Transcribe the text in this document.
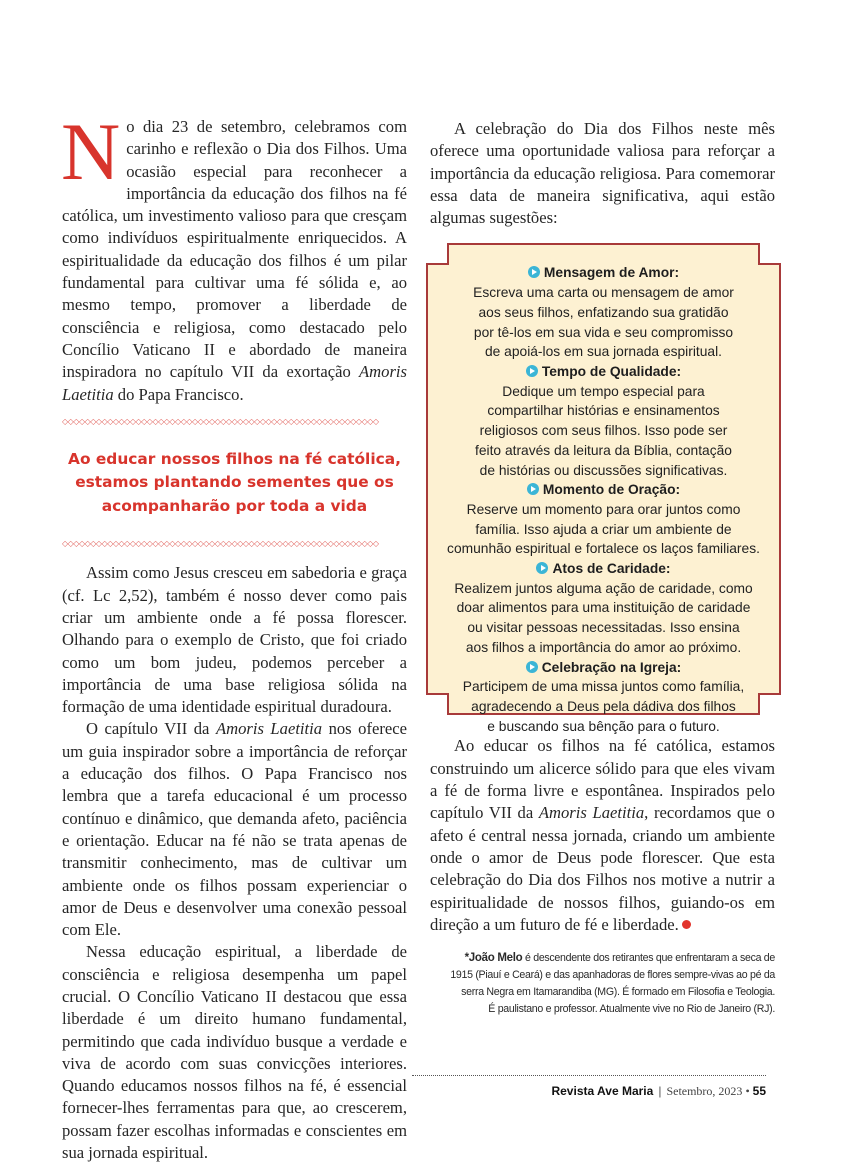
No dia 23 de setembro, celebramos com carinho e reflexão o Dia dos Filhos. Uma ocasião especial para reconhecer a importância da educação dos filhos na fé católica, um investimento valioso para que cresçam como indivíduos espiritualmente enriquecidos. A espiritualidade da educação dos filhos é um pilar fundamental para cultivar uma fé sólida e, ao mesmo tempo, promover a liberdade de consciência e religiosa, como destacado pelo Concílio Vaticano II e abordado de maneira inspiradora no capítulo VII da exortação Amoris Laetitia do Papa Francisco.

◇◇◇◇◇◇◇◇◇◇◇◇◇◇◇◇◇◇◇◇◇◇◇◇◇◇◇◇◇◇◇◇◇◇◇◇◇◇◇◇◇◇◇◇◇◇◇◇◇◇◇◇◇◇◇◇
Ao educar nossos filhos na fé católica, estamos plantando sementes que os acompanharão por toda a vida
◇◇◇◇◇◇◇◇◇◇◇◇◇◇◇◇◇◇◇◇◇◇◇◇◇◇◇◇◇◇◇◇◇◇◇◇◇◇◇◇◇◇◇◇◇◇◇◇◇◇◇◇◇◇◇◇

Assim como Jesus cresceu em sabedoria e graça (cf. Lc 2,52), também é nosso dever como pais criar um ambiente onde a fé possa florescer. Olhando para o exemplo de Cristo, que foi criado como um bom judeu, podemos perceber a importância de uma base religiosa sólida na formação de uma identidade espiritual duradoura.

O capítulo VII da Amoris Laetitia nos oferece um guia inspirador sobre a importância de reforçar a educação dos filhos. O Papa Francisco nos lembra que a tarefa educacional é um processo contínuo e dinâmico, que demanda afeto, paciência e orientação. Educar na fé não se trata apenas de transmitir conhecimento, mas de cultivar um ambiente onde os filhos possam experienciar o amor de Deus e desenvolver uma conexão pessoal com Ele.

Nessa educação espiritual, a liberdade de consciência e religiosa desempenha um papel crucial. O Concílio Vaticano II destacou que essa liberdade é um direito humano fundamental, permitindo que cada indivíduo busque a verdade e viva de acordo com suas convicções interiores. Quando educamos nossos filhos na fé, é essencial fornecer-lhes ferramentas para que, ao crescerem, possam fazer escolhas informadas e conscientes em sua jornada espiritual.

A celebração do Dia dos Filhos neste mês oferece uma oportunidade valiosa para reforçar a importância da educação religiosa. Para comemorar essa data de maneira significativa, aqui estão algumas sugestões:

Mensagem de Amor:
Escreva uma carta ou mensagem de amor
aos seus filhos, enfatizando sua gratidão
por tê-los em sua vida e seu compromisso
de apoiá-los em sua jornada espiritual.
Tempo de Qualidade:
Dedique um tempo especial para
compartilhar histórias e ensinamentos
religiosos com seus filhos. Isso pode ser
feito através da leitura da Bíblia, contação
de histórias ou discussões significativas.
Momento de Oração:
Reserve um momento para orar juntos como
família. Isso ajuda a criar um ambiente de
comunhão espiritual e fortalece os laços familiares.
Atos de Caridade:
Realizem juntos alguma ação de caridade, como
doar alimentos para uma instituição de caridade
ou visitar pessoas necessitadas. Isso ensina
aos filhos a importância do amor ao próximo.
Celebração na Igreja:
Participem de uma missa juntos como família,
agradecendo a Deus pela dádiva dos filhos
e buscando sua bênção para o futuro.

Ao educar os filhos na fé católica, estamos construindo um alicerce sólido para que eles vivam a fé de forma livre e espontânea. Inspirados pelo capítulo VII da Amoris Laetitia, recordamos que o afeto é central nessa jornada, criando um ambiente onde o amor de Deus pode florescer. Que esta celebração do Dia dos Filhos nos motive a nutrir a espiritualidade de nossos filhos, guiando-os em direção a um futuro de fé e liberdade.

*João Melo é descendente dos retirantes que enfrentaram a seca de
1915 (Piauí e Ceará) e das apanhadoras de flores sempre-vivas ao pé da
serra Negra em Itamarandiba (MG). É formado em Filosofia e Teologia.
É paulistano e professor. Atualmente vive no Rio de Janeiro (RJ).
Revista Ave Maria | Setembro, 2023 • 55
